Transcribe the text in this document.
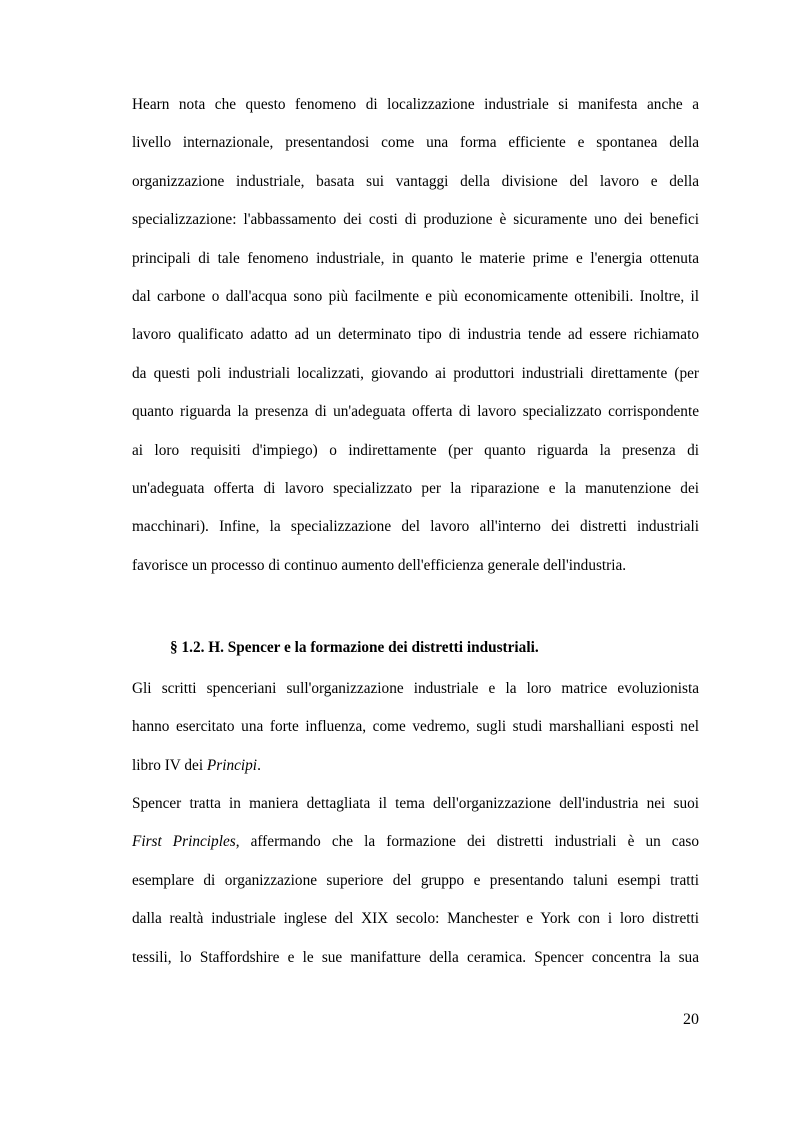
Hearn nota che questo fenomeno di localizzazione industriale si manifesta anche a
livello internazionale, presentandosi come una forma efficiente e spontanea della
organizzazione industriale, basata sui vantaggi della divisione del lavoro e della
specializzazione: l'abbassamento dei costi di produzione è sicuramente uno dei benefici
principali di tale fenomeno industriale, in quanto le materie prime e l'energia ottenuta
dal carbone o dall'acqua sono più facilmente e più economicamente ottenibili. Inoltre, il
lavoro qualificato adatto ad un determinato tipo di industria tende ad essere richiamato
da questi poli industriali localizzati, giovando ai produttori industriali direttamente (per
quanto riguarda la presenza di un'adeguata offerta di lavoro specializzato corrispondente
ai loro requisiti d'impiego) o indirettamente (per quanto riguarda la presenza di
un'adeguata offerta di lavoro specializzato per la riparazione e la manutenzione dei
macchinari). Infine, la specializzazione del lavoro all'interno dei distretti industriali
favorisce un processo di continuo aumento dell'efficienza generale dell'industria.
§ 1.2. H. Spencer e la formazione dei distretti industriali.
Gli scritti spenceriani sull'organizzazione industriale e la loro matrice evoluzionista
hanno esercitato una forte influenza, come vedremo, sugli studi marshalliani esposti nel
libro IV dei Principi.
Spencer tratta in maniera dettagliata il tema dell'organizzazione dell'industria nei suoi
First Principles, affermando che la formazione dei distretti industriali è un caso
esemplare di organizzazione superiore del gruppo e presentando taluni esempi tratti
dalla realtà industriale inglese del XIX secolo: Manchester e York con i loro distretti
tessili, lo Staffordshire e le sue manifatture della ceramica. Spencer concentra la sua
20
